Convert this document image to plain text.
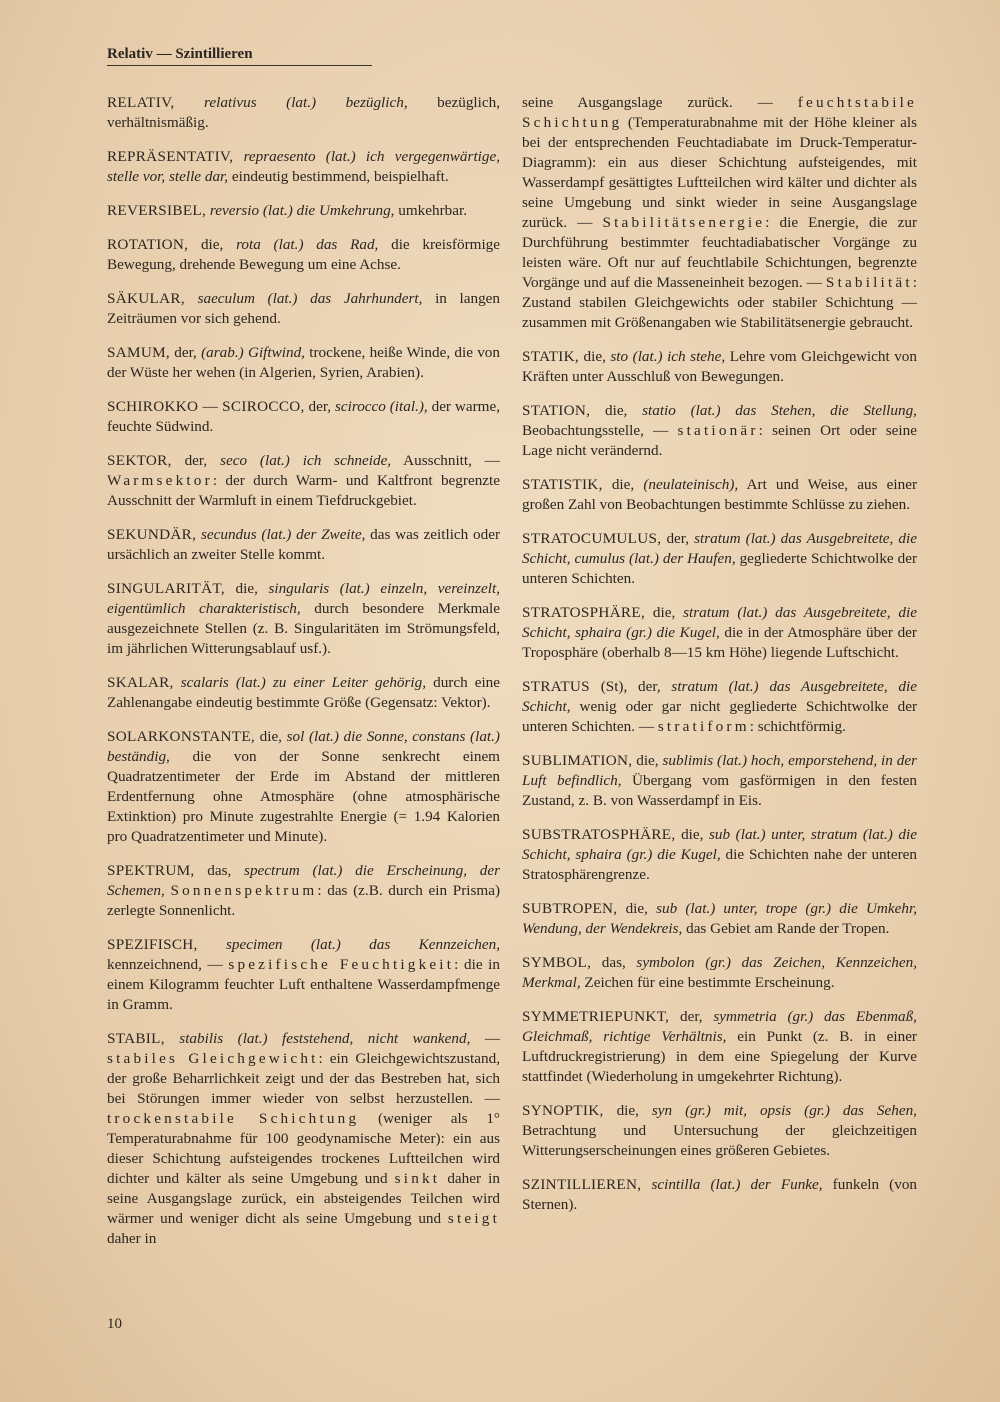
Relativ — Szintillieren

RELATIV, relativus (lat.) bezüglich, bezüglich, verhältnismäßig.

REPRÄSENTATIV, repraesento (lat.) ich vergegenwärtige, stelle vor, stelle dar, eindeutig bestimmend, beispielhaft.

REVERSIBEL, reversio (lat.) die Umkehrung, umkehrbar.

ROTATION, die, rota (lat.) das Rad, die kreisförmige Bewegung, drehende Bewegung um eine Achse.

SÄKULAR, saeculum (lat.) das Jahrhundert, in langen Zeiträumen vor sich gehend.

SAMUM, der, (arab.) Giftwind, trockene, heiße Winde, die von der Wüste her wehen (in Algerien, Syrien, Arabien).

SCHIROKKO — SCIROCCO, der, scirocco (ital.), der warme, feuchte Südwind.

SEKTOR, der, seco (lat.) ich schneide, Ausschnitt, — Warmsektor: der durch Warm- und Kaltfront begrenzte Ausschnitt der Warmluft in einem Tiefdruckgebiet.

SEKUNDÄR, secundus (lat.) der Zweite, das was zeitlich oder ursächlich an zweiter Stelle kommt.

SINGULARITÄT, die, singularis (lat.) einzeln, vereinzelt, eigentümlich charakteristisch, durch besondere Merkmale ausgezeichnete Stellen (z. B. Singularitäten im Strömungsfeld, im jährlichen Witterungsablauf usf.).

SKALAR, scalaris (lat.) zu einer Leiter gehörig, durch eine Zahlenangabe eindeutig bestimmte Größe (Gegensatz: Vektor).

SOLARKONSTANTE, die, sol (lat.) die Sonne, constans (lat.) beständig, die von der Sonne senkrecht einem Quadratzentimeter der Erde im Abstand der mittleren Erdentfernung ohne Atmosphäre (ohne atmosphärische Extinktion) pro Minute zugestrahlte Energie (= 1.94 Kalorien pro Quadratzentimeter und Minute).

SPEKTRUM, das, spectrum (lat.) die Erscheinung, der Schemen, Sonnenspektrum: das (z.B. durch ein Prisma) zerlegte Sonnenlicht.

SPEZIFISCH, specimen (lat.) das Kennzeichen, kennzeichnend, — spezifische Feuchtigkeit: die in einem Kilogramm feuchter Luft enthaltene Wasserdampfmenge in Gramm.

STABIL, stabilis (lat.) feststehend, nicht wankend, — stabiles Gleichgewicht: ein Gleichgewichtszustand, der große Beharrlichkeit zeigt und der das Bestreben hat, sich bei Störungen immer wieder von selbst herzustellen. — trockenstabile Schichtung (weniger als 1° Temperaturabnahme für 100 geodynamische Meter): ein aus dieser Schichtung aufsteigendes trockenes Luftteilchen wird dichter und kälter als seine Umgebung und sinkt daher in seine Ausgangslage zurück, ein absteigendes Teilchen wird wärmer und weniger dicht als seine Umgebung und steigt daher in

seine Ausgangslage zurück. — feuchtstabile Schichtung (Temperaturabnahme mit der Höhe kleiner als bei der entsprechenden Feuchtadiabate im Druck-Temperatur-Diagramm): ein aus dieser Schichtung aufsteigendes, mit Wasserdampf gesättigtes Luftteilchen wird kälter und dichter als seine Umgebung und sinkt wieder in seine Ausgangslage zurück. — Stabilitätsenergie: die Energie, die zur Durchführung bestimmter feuchtadiabatischer Vorgänge zu leisten wäre. Oft nur auf feuchtlabile Schichtungen, begrenzte Vorgänge und auf die Masseneinheit bezogen. — Stabilität: Zustand stabilen Gleichgewichts oder stabiler Schichtung — zusammen mit Größenangaben wie Stabilitätsenergie gebraucht.

STATIK, die, sto (lat.) ich stehe, Lehre vom Gleichgewicht von Kräften unter Ausschluß von Bewegungen.

STATION, die, statio (lat.) das Stehen, die Stellung, Beobachtungsstelle, — stationär: seinen Ort oder seine Lage nicht verändernd.

STATISTIK, die, (neulateinisch), Art und Weise, aus einer großen Zahl von Beobachtungen bestimmte Schlüsse zu ziehen.

STRATOCUMULUS, der, stratum (lat.) das Ausgebreitete, die Schicht, cumulus (lat.) der Haufen, gegliederte Schichtwolke der unteren Schichten.

STRATOSPHÄRE, die, stratum (lat.) das Ausgebreitete, die Schicht, sphaira (gr.) die Kugel, die in der Atmosphäre über der Troposphäre (oberhalb 8—15 km Höhe) liegende Luftschicht.

STRATUS (St), der, stratum (lat.) das Ausgebreitete, die Schicht, wenig oder gar nicht gegliederte Schichtwolke der unteren Schichten. — stratiform: schichtförmig.

SUBLIMATION, die, sublimis (lat.) hoch, emporstehend, in der Luft befindlich, Übergang vom gasförmigen in den festen Zustand, z. B. von Wasserdampf in Eis.

SUBSTRATOSPHÄRE, die, sub (lat.) unter, stratum (lat.) die Schicht, sphaira (gr.) die Kugel, die Schichten nahe der unteren Stratosphärengrenze.

SUBTROPEN, die, sub (lat.) unter, trope (gr.) die Umkehr, Wendung, der Wendekreis, das Gebiet am Rande der Tropen.

SYMBOL, das, symbolon (gr.) das Zeichen, Kennzeichen, Merkmal, Zeichen für eine bestimmte Erscheinung.

SYMMETRIEPUNKT, der, symmetria (gr.) das Ebenmaß, Gleichmaß, richtige Verhältnis, ein Punkt (z. B. in einer Luftdruckregistrierung) in dem eine Spiegelung der Kurve stattfindet (Wiederholung in umgekehrter Richtung).

SYNOPTIK, die, syn (gr.) mit, opsis (gr.) das Sehen, Betrachtung und Untersuchung der gleichzeitigen Witterungserscheinungen eines größeren Gebietes.

SZINTILLIEREN, scintilla (lat.) der Funke, funkeln (von Sternen).

10
